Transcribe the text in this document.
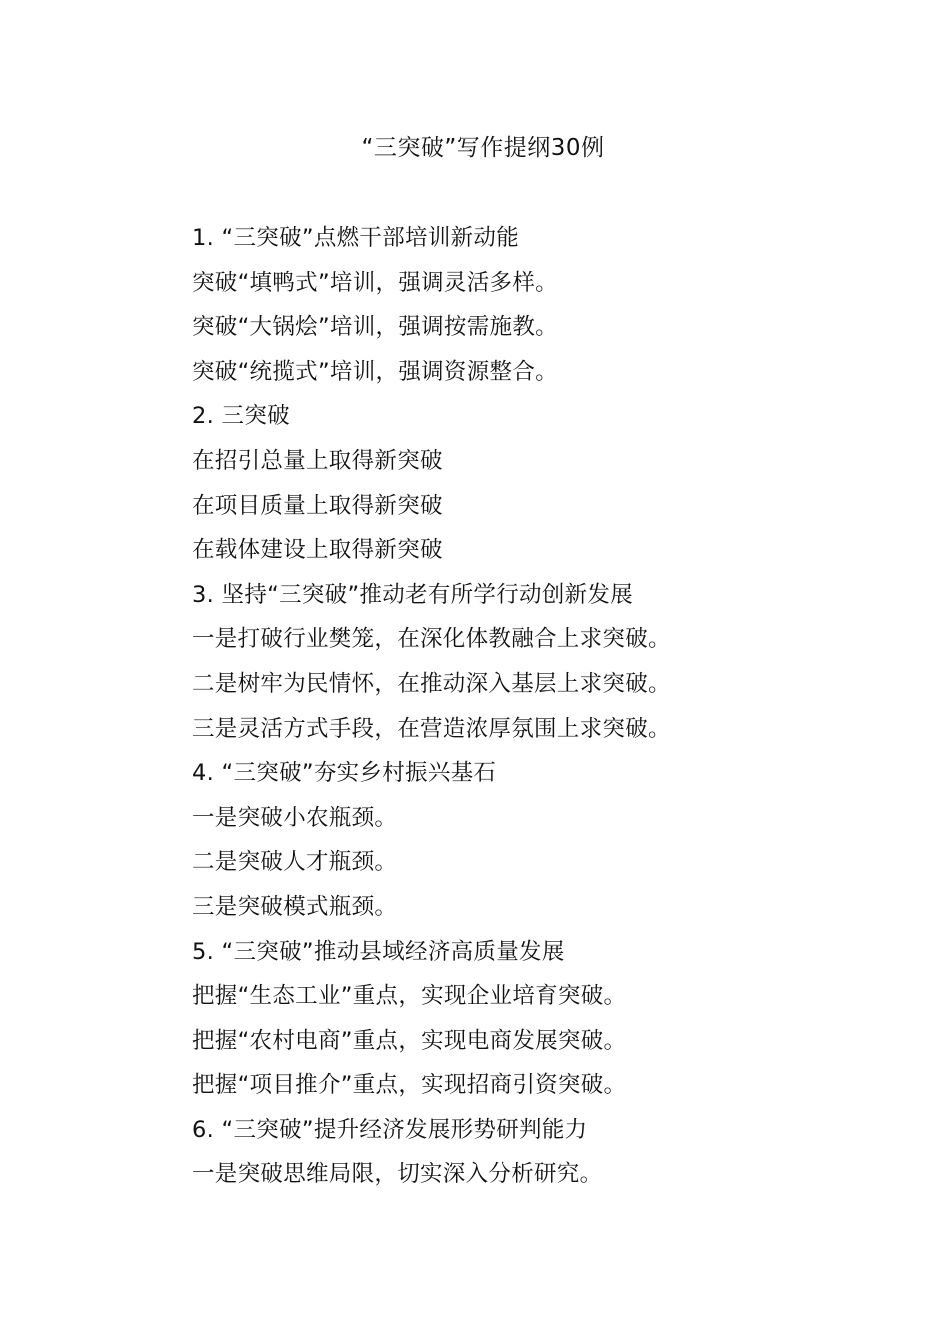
“三突破”写作提纲30例
1. “三突破”点燃干部培训新动能
突破“填鸭式”培训，强调灵活多样。
突破“大锅烩”培训，强调按需施教。
突破“统揽式”培训，强调资源整合。
2. 三突破
在招引总量上取得新突破
在项目质量上取得新突破
在载体建设上取得新突破
3. 坚持“三突破”推动老有所学行动创新发展
一是打破行业樊笼，在深化体教融合上求突破。
二是树牢为民情怀，在推动深入基层上求突破。
三是灵活方式手段，在营造浓厚氛围上求突破。
4. “三突破”夯实乡村振兴基石
一是突破小农瓶颈。
二是突破人才瓶颈。
三是突破模式瓶颈。
5. “三突破”推动县域经济高质量发展
把握“生态工业”重点，实现企业培育突破。
把握“农村电商”重点，实现电商发展突破。
把握“项目推介”重点，实现招商引资突破。
6. “三突破”提升经济发展形势研判能力
一是突破思维局限，切实深入分析研究。
